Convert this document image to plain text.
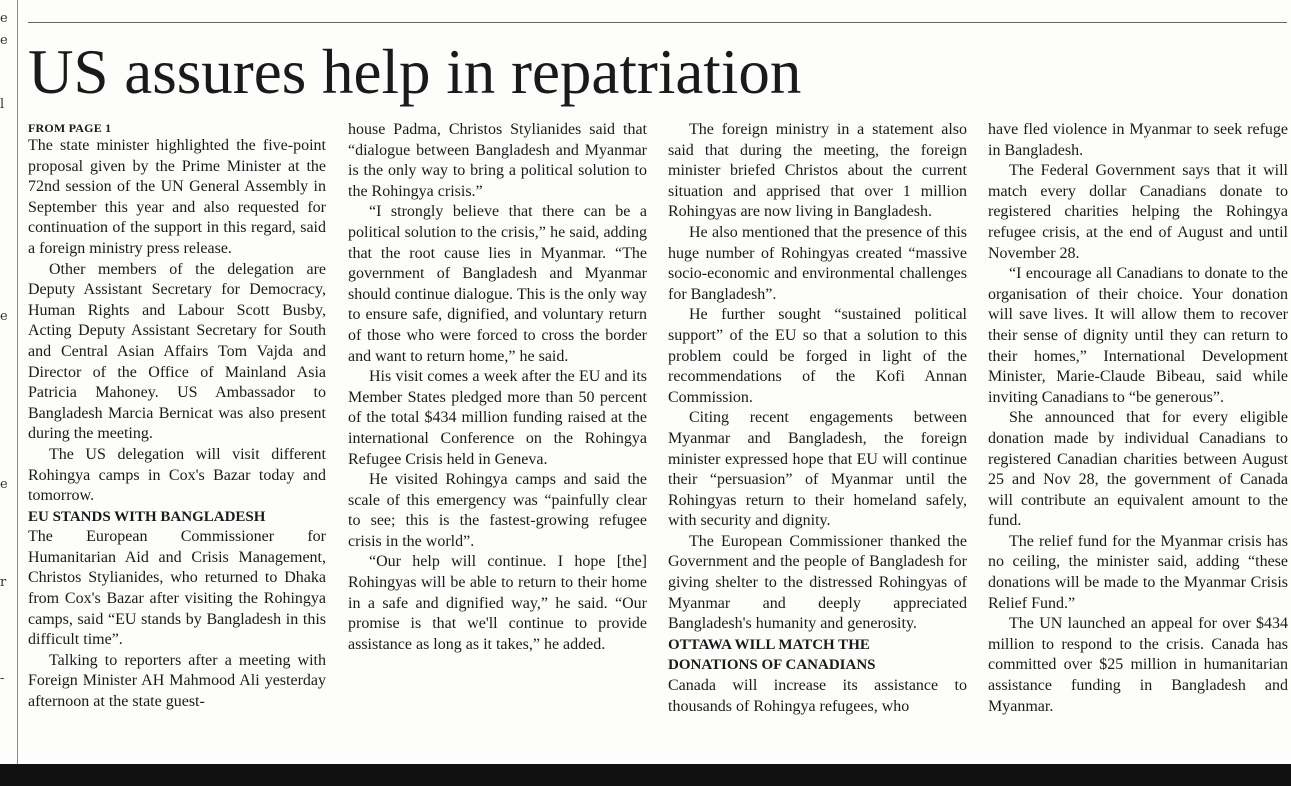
e
e
l
e
e
r
-
US assures help in repatriation
FROM PAGE 1

The state minister highlighted the five-point proposal given by the Prime Minister at the 72nd session of the UN General Assembly in September this year and also requested for continuation of the support in this regard, said a foreign ministry press release.

Other members of the delegation are Deputy Assistant Secretary for Democracy, Human Rights and Labour Scott Busby, Acting Deputy Assistant Secretary for South and Central Asian Affairs Tom Vajda and Director of the Office of Mainland Asia Patricia Mahoney. US Ambassador to Bangladesh Marcia Bernicat was also present during the meeting.

The US delegation will visit different Rohingya camps in Cox's Bazar today and tomorrow.

EU STANDS WITH BANGLADESH

The European Commissioner for Humanitarian Aid and Crisis Management, Christos Stylianides, who returned to Dhaka from Cox's Bazar after visiting the Rohingya camps, said “EU stands by Bangladesh in this difficult time”.

Talking to reporters after a meeting with Foreign Minister AH Mahmood Ali yesterday afternoon at the state guest-

house Padma, Christos Stylianides said that “dialogue between Bangladesh and Myanmar is the only way to bring a political solution to the Rohingya crisis.”

“I strongly believe that there can be a political solution to the crisis,” he said, adding that the root cause lies in Myanmar. “The government of Bangladesh and Myanmar should continue dialogue. This is the only way to ensure safe, dignified, and voluntary return of those who were forced to cross the border and want to return home,” he said.

His visit comes a week after the EU and its Member States pledged more than 50 percent of the total $434 million funding raised at the international Conference on the Rohingya Refugee Crisis held in Geneva.

He visited Rohingya camps and said the scale of this emergency was “painfully clear to see; this is the fastest-growing refugee crisis in the world”.

“Our help will continue. I hope [the] Rohingyas will be able to return to their home in a safe and dignified way,” he said. “Our promise is that we'll continue to provide assistance as long as it takes,” he added.

The foreign ministry in a statement also said that during the meeting, the foreign minister briefed Christos about the current situation and apprised that over 1 million Rohingyas are now living in Bangladesh.

He also mentioned that the presence of this huge number of Rohingyas created “massive socio-economic and environmental challenges for Bangladesh”.

He further sought “sustained political support” of the EU so that a solution to this problem could be forged in light of the recommendations of the Kofi Annan Commission.

Citing recent engagements between Myanmar and Bangladesh, the foreign minister expressed hope that EU will continue their “persuasion” of Myanmar until the Rohingyas return to their homeland safely, with security and dignity.

The European Commissioner thanked the Government and the people of Bangladesh for giving shelter to the distressed Rohingyas of Myanmar and deeply appreciated Bangladesh's humanity and generosity.

OTTAWA WILL MATCH THE
DONATIONS OF CANADIANS

Canada will increase its assistance to thousands of Rohingya refugees, who

have fled violence in Myanmar to seek refuge in Bangladesh.

The Federal Government says that it will match every dollar Canadians donate to registered charities helping the Rohingya refugee crisis, at the end of August and until November 28.

“I encourage all Canadians to donate to the organisation of their choice. Your donation will save lives. It will allow them to recover their sense of dignity until they can return to their homes,” International Development Minister, Marie-Claude Bibeau, said while inviting Canadians to “be generous”.

She announced that for every eligible donation made by individual Canadians to registered Canadian charities between August 25 and Nov 28, the government of Canada will contribute an equivalent amount to the fund.

The relief fund for the Myanmar crisis has no ceiling, the minister said, adding “these donations will be made to the Myanmar Crisis Relief Fund.”

The UN launched an appeal for over $434 million to respond to the crisis. Canada has committed over $25 million in humanitarian assistance funding in Bangladesh and Myanmar.
